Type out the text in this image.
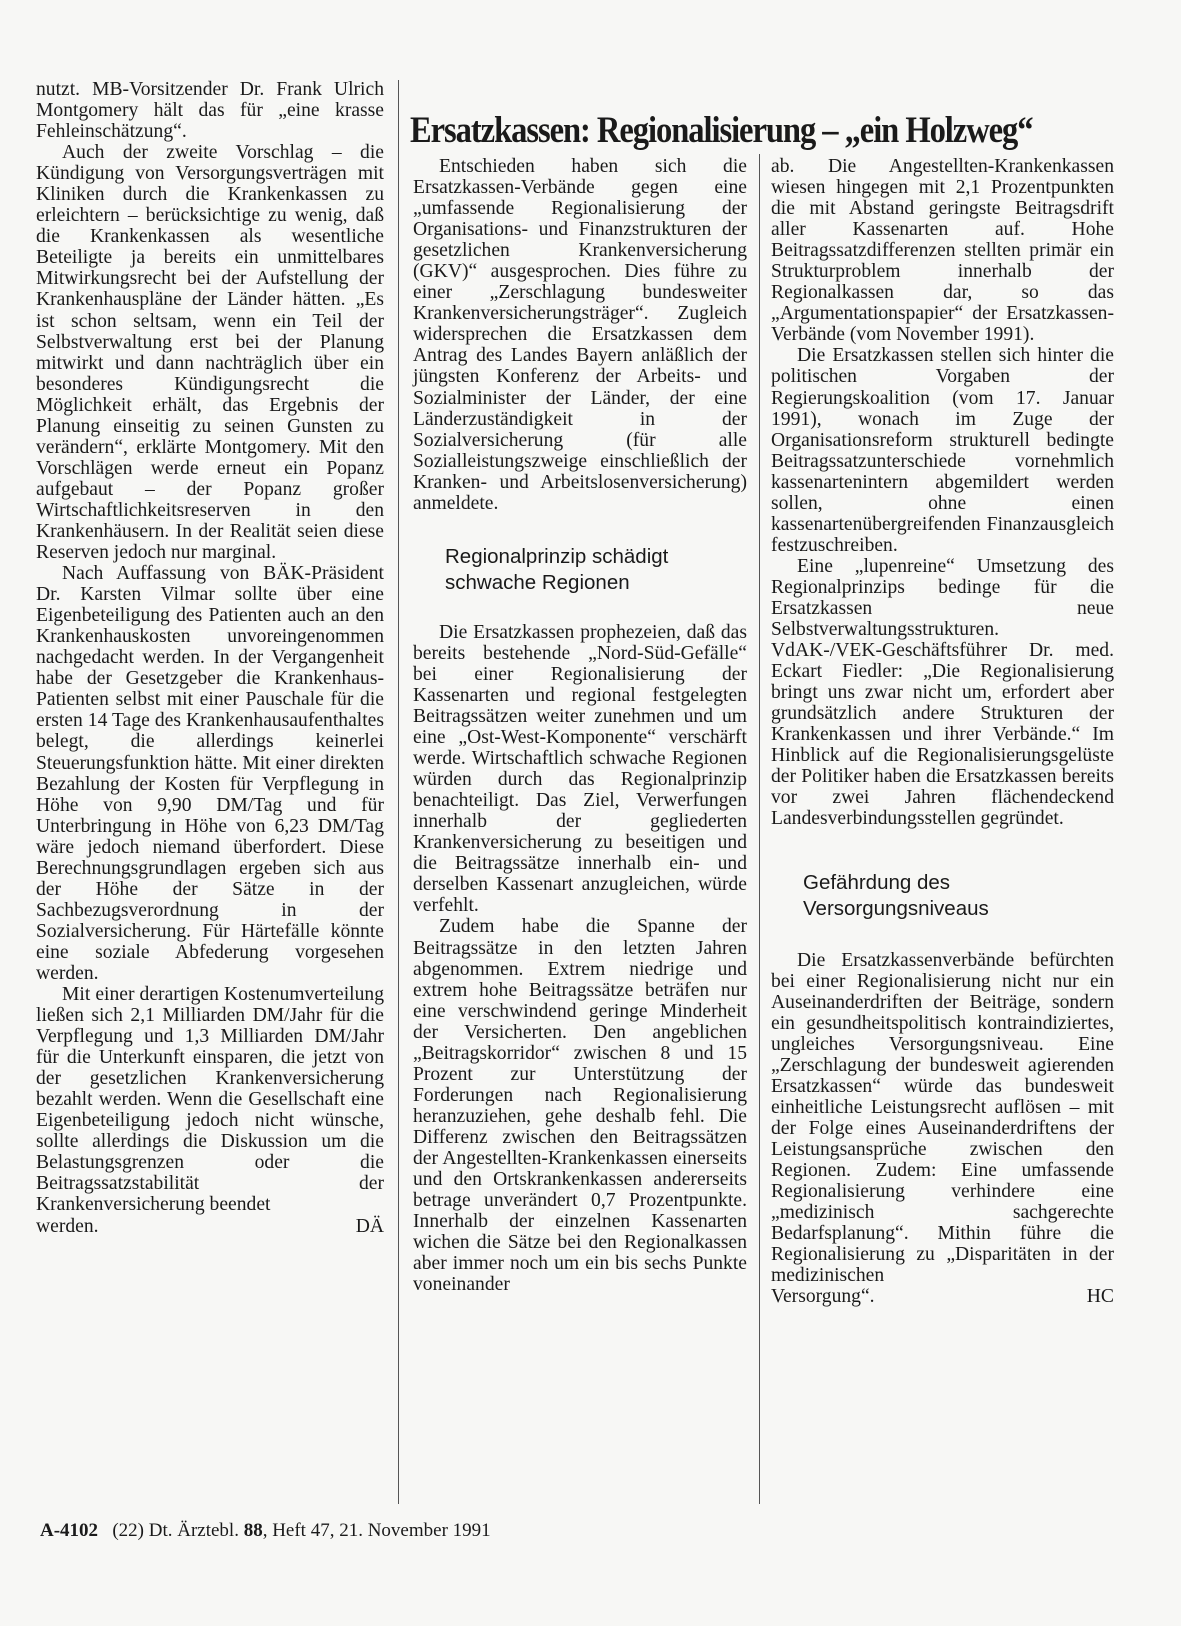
Ersatzkassen: Regionalisierung – „ein Holzweg“

nutzt. MB-Vorsitzender Dr. Frank Ulrich Montgomery hält das für „eine krasse Fehleinschätzung“.

Auch der zweite Vorschlag – die Kündigung von Versorgungsverträgen mit Kliniken durch die Krankenkassen zu erleichtern – berücksichtige zu wenig, daß die Krankenkassen als wesentliche Beteiligte ja bereits ein unmittelbares Mitwirkungsrecht bei der Aufstellung der Krankenhauspläne der Länder hätten. „Es ist schon seltsam, wenn ein Teil der Selbstverwaltung erst bei der Planung mitwirkt und dann nachträglich über ein besonderes Kündigungsrecht die Möglichkeit erhält, das Ergebnis der Planung einseitig zu seinen Gunsten zu verändern“, erklärte Montgomery. Mit den Vorschlägen werde erneut ein Popanz aufgebaut – der Popanz großer Wirtschaftlichkeitsreserven in den Krankenhäusern. In der Realität seien diese Reserven jedoch nur marginal.

Nach Auffassung von BÄK-Präsident Dr. Karsten Vilmar sollte über eine Eigenbeteiligung des Patienten auch an den Krankenhauskosten unvoreingenommen nachgedacht werden. In der Vergangenheit habe der Gesetzgeber die Krankenhaus-Patienten selbst mit einer Pauschale für die ersten 14 Tage des Krankenhausaufenthaltes belegt, die allerdings keinerlei Steuerungsfunktion hätte. Mit einer direkten Bezahlung der Kosten für Verpflegung in Höhe von 9,90 DM/Tag und für Unterbringung in Höhe von 6,23 DM/Tag wäre jedoch niemand überfordert. Diese Berechnungsgrundlagen ergeben sich aus der Höhe der Sätze in der Sachbezugsverordnung in der Sozialversicherung. Für Härtefälle könnte eine soziale Abfederung vorgesehen werden.

Mit einer derartigen Kostenumverteilung ließen sich 2,1 Milliarden DM/Jahr für die Verpflegung und 1,3 Milliarden DM/Jahr für die Unterkunft einsparen, die jetzt von der gesetzlichen Krankenversicherung bezahlt werden. Wenn die Gesellschaft eine Eigenbeteiligung jedoch nicht wünsche, sollte allerdings die Diskussion um die Belastungsgrenzen oder die Beitragssatzstabilität der Krankenversicherung beendet

werden.	DÄ

Entschieden haben sich die Ersatzkassen-Verbände gegen eine „umfassende Regionalisierung der Organisations- und Finanzstrukturen der gesetzlichen Krankenversicherung (GKV)“ ausgesprochen. Dies führe zu einer „Zerschlagung bundesweiter Krankenversicherungsträger“. Zugleich widersprechen die Ersatzkassen dem Antrag des Landes Bayern anläßlich der jüngsten Konferenz der Arbeits- und Sozialminister der Länder, der eine Länderzuständigkeit in der Sozialversicherung (für alle Sozialleistungszweige einschließlich der Kranken- und Arbeitslosenversicherung) anmeldete.

Regionalprinzip schädigt schwache Regionen

Die Ersatzkassen prophezeien, daß das bereits bestehende „Nord-Süd-Gefälle“ bei einer Regionalisierung der Kassenarten und regional festgelegten Beitragssätzen weiter zunehmen und um eine „Ost-West-Komponente“ verschärft werde. Wirtschaftlich schwache Regionen würden durch das Regionalprinzip benachteiligt. Das Ziel, Verwerfungen innerhalb der gegliederten Krankenversicherung zu beseitigen und die Beitragssätze innerhalb ein- und derselben Kassenart anzugleichen, würde verfehlt.

Zudem habe die Spanne der Beitragssätze in den letzten Jahren abgenommen. Extrem niedrige und extrem hohe Beitragssätze beträfen nur eine verschwindend geringe Minderheit der Versicherten. Den angeblichen „Beitragskorridor“ zwischen 8 und 15 Prozent zur Unterstützung der Forderungen nach Regionalisierung heranzuziehen, gehe deshalb fehl. Die Differenz zwischen den Beitragssätzen der Angestellten-Krankenkassen einerseits und den Ortskrankenkassen andererseits betrage unverändert 0,7 Prozentpunkte. Innerhalb der einzelnen Kassenarten wichen die Sätze bei den Regionalkassen aber immer noch um ein bis sechs Punkte voneinander

ab. Die Angestellten-Krankenkassen wiesen hingegen mit 2,1 Prozentpunkten die mit Abstand geringste Beitragsdrift aller Kassenarten auf. Hohe Beitragssatzdifferenzen stellten primär ein Strukturproblem innerhalb der Regionalkassen dar, so das „Argumentationspapier“ der Ersatzkassen-Verbände (vom November 1991).

Die Ersatzkassen stellen sich hinter die politischen Vorgaben der Regierungskoalition (vom 17. Januar 1991), wonach im Zuge der Organisationsreform strukturell bedingte Beitragssatzunterschiede vornehmlich kassenartenintern abgemildert werden sollen, ohne einen kassenartenübergreifenden Finanzausgleich festzuschreiben.

Eine „lupenreine“ Umsetzung des Regionalprinzips bedinge für die Ersatzkassen neue Selbstverwaltungsstrukturen. VdAK-/VEK-Geschäftsführer Dr. med. Eckart Fiedler: „Die Regionalisierung bringt uns zwar nicht um, erfordert aber grundsätzlich andere Strukturen der Krankenkassen und ihrer Verbände.“ Im Hinblick auf die Regionalisierungsgelüste der Politiker haben die Ersatzkassen bereits vor zwei Jahren flächendeckend Landesverbindungsstellen gegründet.

Gefährdung des Versorgungsniveaus

Die Ersatzkassenverbände befürchten bei einer Regionalisierung nicht nur ein Auseinanderdriften der Beiträge, sondern ein gesundheitspolitisch kontraindiziertes, ungleiches Versorgungsniveau. Eine „Zerschlagung der bundesweit agierenden Ersatzkassen“ würde das bundesweit einheitliche Leistungsrecht auflösen – mit der Folge eines Auseinanderdriftens der Leistungsansprüche zwischen den Regionen. Zudem: Eine umfassende Regionalisierung verhindere eine „medizinisch sachgerechte Bedarfsplanung“. Mithin führe die Regionalisierung zu „Disparitäten in der medizinischen

Versorgung“.	HC
A-4102 (22) Dt. Ärztebl. 88, Heft 47, 21. November 1991
